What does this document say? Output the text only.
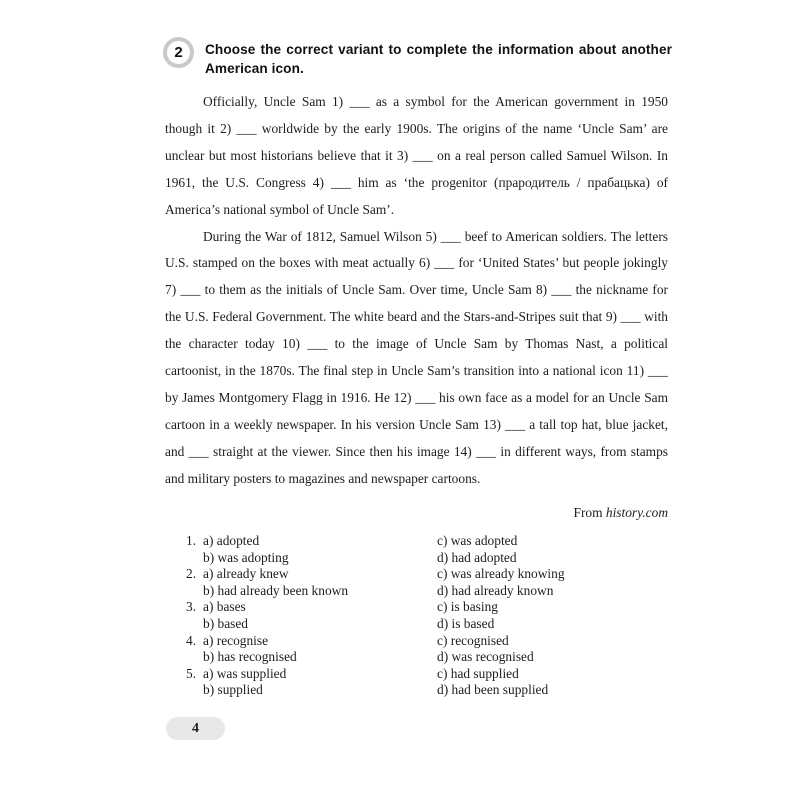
2 Choose the correct variant to complete the information about another American icon.

Officially, Uncle Sam 1) ___ as a symbol for the American government in 1950 though it 2) ___ worldwide by the early 1900s. The origins of the name ‘Uncle Sam’ are unclear but most historians believe that it 3) ___ on a real person called Samuel Wilson. In 1961, the U.S. Congress 4) ___ him as ‘the progenitor (прародитель / прабацька) of America’s national symbol of Uncle Sam’.

During the War of 1812, Samuel Wilson 5) ___ beef to American soldiers. The letters U.S. stamped on the boxes with meat actually 6) ___ for ‘United States’ but people jokingly 7) ___ to them as the initials of Uncle Sam. Over time, Uncle Sam 8) ___ the nickname for the U.S. Federal Government. The white beard and the Stars-and-Stripes suit that 9) ___ with the character today 10) ___ to the image of Uncle Sam by Thomas Nast, a political cartoonist, in the 1870s. The final step in Uncle Sam’s transition into a national icon 11) ___ by James Montgomery Flagg in 1916. He 12) ___ his own face as a model for an Uncle Sam cartoon in a weekly newspaper. In his version Uncle Sam 13) ___ a tall top hat, blue jacket, and ___ straight at the viewer. Since then his image 14) ___ in different ways, from stamps and military posters to magazines and newspaper cartoons.

From history.com
1. a) adopted	c) was adopted
b) was adopting	d) had adopted
2. a) already knew	c) was already knowing
b) had already been known	d) had already known
3. a) bases	c) is basing
b) based	d) is based
4. a) recognise	c) recognised
b) has recognised	d) was recognised
5. a) was supplied	c) had supplied
b) supplied	d) had been supplied
4
